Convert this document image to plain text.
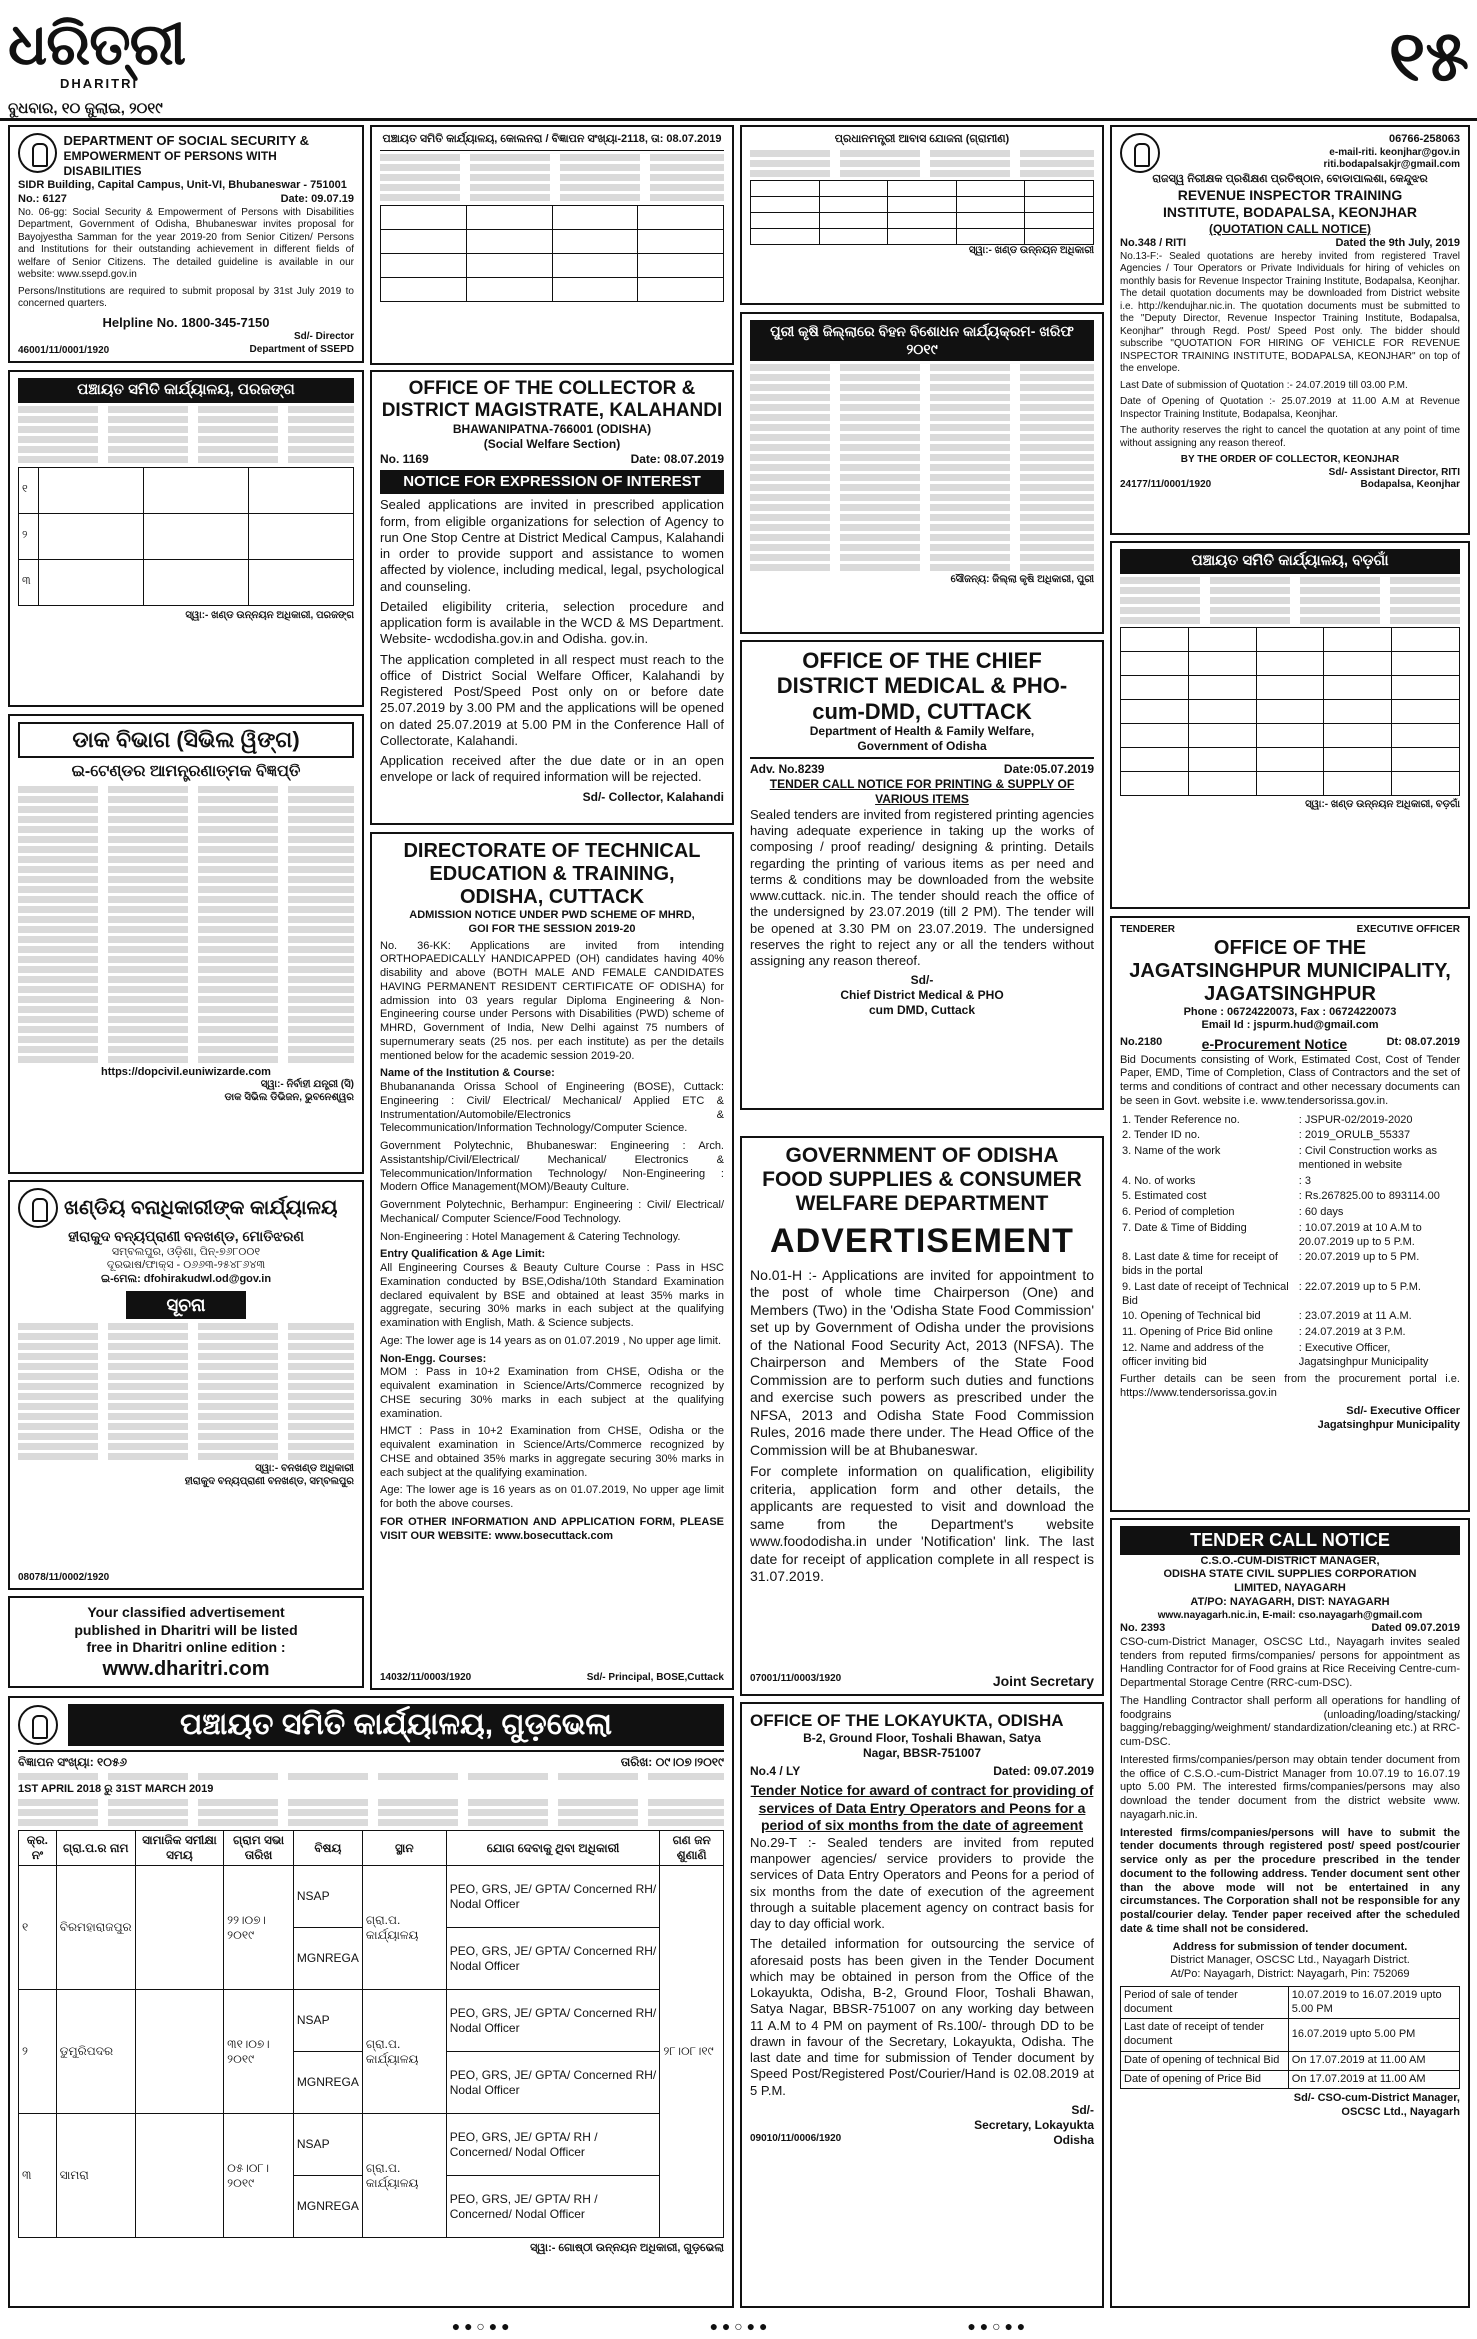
ଧରିତ୍ରୀ
DHARITRI
ବୁଧବାର, ୧୦ ଜୁଲାଇ, ୨୦୧୯
୧୫
DEPARTMENT OF SOCIAL SECURITY &
EMPOWERMENT OF PERSONS WITH DISABILITIES
SIDR Building, Capital Campus, Unit-VI, Bhubaneswar - 751001
No.: 6127	Date: 09.07.19

No. 06-gg: Social Security & Empowerment of Persons with Disabilities Department, Government of Odisha, Bhubaneswar invites proposal for Bayojyestha Samman for the year 2019-20 from Senior Citizen/ Persons and Institutions for their outstanding achievement in different fields of welfare of Senior Citizens. The detailed guideline is available in our website: www.ssepd.gov.in

Persons/Institutions are required to submit proposal by 31st July 2019 to concerned quarters.

Helpline No. 1800-345-7150
Sd/- Director
Department of SSEPD
46001/11/0001/1920
ପଞ୍ଚାୟତ ସମିତି କାର୍ଯ୍ୟାଳୟ, ପରଜଙ୍ଗ
୧			
୨			
୩			
ସ୍ୱା:- ଖଣ୍ଡ ଉନ୍ନୟନ ଅଧିକାରୀ, ପରଜଙ୍ଗ
ଡାକ ବିଭାଗ (ସିଭିଲ ୱିଙ୍ଗ)
ଇ-ଟେଣ୍ଡର ଆମନ୍ତ୍ରଣାତ୍ମକ ବିଜ୍ଞପ୍ତି
https://dopcivil.euniwizarde.com
ସ୍ୱା:- ନିର୍ବାହୀ ଯନ୍ତ୍ରୀ (ସି)
ଡାକ ସିଭିଲ ଡିଭିଜନ, ଭୁବନେଶ୍ୱର
ଖଣ୍ଡିୟ ବନାଧିକାରୀଙ୍କ କାର୍ଯ୍ୟାଳୟ
ହୀରାକୁଦ ବନ୍ୟପ୍ରାଣୀ ବନଖଣ୍ଡ, ମୋତିଝରଣ
ସମ୍ବଲପୁର, ଓଡ଼ିଶା, ପିନ୍-୭୬୮୦୦୧
ଦୂରଭାଷ/ଫାକ୍ସ - ୦୬୬୩-୨୫୪୮୬୪୩
ଇ-ମେଲ: dfohirakudwl.od@gov.in
ସୂଚନା
ସ୍ୱା:- ବନଖଣ୍ଡ ଅଧିକାରୀ
ହୀରାକୁଦ ବନ୍ୟପ୍ରାଣୀ ବନଖଣ୍ଡ, ସମ୍ବଲପୁର
08078/11/0002/1920
Your classified advertisement
published in Dharitri will be listed
free in Dharitri online edition :
www.dharitri.com
ପଞ୍ଚାୟତ ସମିତି କାର୍ଯ୍ୟାଳୟ, କୋଲନରା / ବିଜ୍ଞାପନ ସଂଖ୍ୟା-2118, ତା: 08.07.2019

OFFICE OF THE COLLECTOR &
DISTRICT MAGISTRATE, KALAHANDI
BHAWANIPATNA-766001 (ODISHA)
(Social Welfare Section)
No. 1169	Date: 08.07.2019
NOTICE FOR EXPRESSION OF INTEREST

Sealed applications are invited in prescribed application form, from eligible organizations for selection of Agency to run One Stop Centre at District Medical Campus, Kalahandi in order to provide support and assistance to women affected by violence, including medical, legal, psychological and counseling.

Detailed eligibility criteria, selection procedure and application form is available in the WCD & MS Department. Website- wcdodisha.gov.in and Odisha. gov.in.

The application completed in all respect must reach to the office of District Social Welfare Officer, Kalahandi by Registered Post/Speed Post only on or before date 25.07.2019 by 3.00 PM and the applications will be opened on dated 25.07.2019 at 5.00 PM in the Conference Hall of Collectorate, Kalahandi.

Application received after the due date or in an open envelope or lack of required information will be rejected.

Sd/- Collector, Kalahandi
DIRECTORATE OF TECHNICAL
EDUCATION & TRAINING,
ODISHA, CUTTACK
ADMISSION NOTICE UNDER PWD SCHEME OF MHRD,
GOI FOR THE SESSION 2019-20

No. 36-KK: Applications are invited from intending ORTHOPAEDICALLY HANDICAPPED (OH) candidates having 40% disability and above (BOTH MALE AND FEMALE CANDIDATES HAVING PERMANENT RESIDENT CERTIFICATE OF ODISHA) for admission into 03 years regular Diploma Engineering & Non-Engineering course under Persons with Disabilities (PWD) scheme of MHRD, Government of India, New Delhi against 75 numbers of supernumerary seats (25 nos. per each institute) as per the details mentioned below for the academic session 2019-20.

Name of the Institution & Course:

Bhubanananda Orissa School of Engineering (BOSE), Cuttack: Engineering : Civil/ Electrical/ Mechanical/ Applied ETC & Instrumentation/Automobile/Electronics & Telecommunication/Information Technology/Computer Science.

Government Polytechnic, Bhubaneswar: Engineering : Arch. Assistantship/Civil/Electrical/ Mechanical/ Electronics & Telecommunication/Information Technology/ Non-Engineering : Modern Office Management(MOM)/Beauty Culture.

Government Polytechnic, Berhampur: Engineering : Civil/ Electrical/ Mechanical/ Computer Science/Food Technology.

Non-Engineering : Hotel Management & Catering Technology.

Entry Qualification & Age Limit:

All Engineering Courses & Beauty Culture Course : Pass in HSC Examination conducted by BSE,Odisha/10th Standard Examination declared equivalent by BSE and obtained at least 35% marks in aggregate, securing 30% marks in each subject at the qualifying examination with English, Math. & Science subjects.

Age: The lower age is 14 years as on 01.07.2019 , No upper age limit.

Non-Engg. Courses:

MOM : Pass in 10+2 Examination from CHSE, Odisha or the equivalent examination in Science/Arts/Commerce recognized by CHSE securing 30% marks in each subject at the qualifying examination.

HMCT : Pass in 10+2 Examination from CHSE, Odisha or the equivalent examination in Science/Arts/Commerce recognized by CHSE and obtained 35% marks in aggregate securing 30% marks in each subject at the qualifying examination.

Age: The lower age is 16 years as on 01.07.2019, No upper age limit for both the above courses.

FOR OTHER INFORMATION AND APPLICATION FORM, PLEASE VISIT OUR WEBSITE: www.bosecuttack.com

14032/11/0003/1920	Sd/- Principal, BOSE,Cuttack
ପ୍ରଧାନମନ୍ତ୍ରୀ ଆବାସ ଯୋଜନା (ଗ୍ରାମୀଣ)

ସ୍ୱା:- ଖଣ୍ଡ ଉନ୍ନୟନ ଅଧିକାରୀ
ପୁରୀ କୃଷି ଜିଲ୍ଲାରେ ବିହନ ବିଶୋଧନ କାର୍ଯ୍ୟକ୍ରମ- ଖରିଫ ୨୦୧୯
ସୌଜନ୍ୟ: ଜିଲ୍ଲା କୃଷି ଅଧିକାରୀ, ପୁରୀ
OFFICE OF THE CHIEF
DISTRICT MEDICAL & PHO-
cum-DMD, CUTTACK
Department of Health & Family Welfare,
Government of Odisha
Adv. No.8239	Date:05.07.2019
TENDER CALL NOTICE FOR PRINTING & SUPPLY OF VARIOUS ITEMS

Sealed tenders are invited from registered printing agencies having adequate experience in taking up the works of composing / proof reading/ designing & printing. Details regarding the printing of various items as per need and terms & conditions may be downloaded from the website www.cuttack. nic.in. The tender should reach the office of the undersigned by 23.07.2019 (till 2 PM). The tender will be opened at 3.30 PM on 23.07.2019. The undersigned reserves the right to reject any or all the tenders without assigning any reason thereof.

Sd/-
Chief District Medical & PHO
cum DMD, Cuttack
GOVERNMENT OF ODISHA
FOOD SUPPLIES & CONSUMER
WELFARE DEPARTMENT
ADVERTISEMENT

No.01-H :- Applications are invited for appointment to the post of whole time Chairperson (One) and Members (Two) in the 'Odisha State Food Commission' set up by Government of Odisha under the provisions of the National Food Security Act, 2013 (NFSA). The Chairperson and Members of the State Food Commission are to perform such duties and functions and exercise such powers as prescribed under the NFSA, 2013 and Odisha State Food Commission Rules, 2016 made there under. The Head Office of the Commission will be at Bhubaneswar.

For complete information on qualification, eligibility criteria, application form and other details, the applicants are requested to visit and download the same from the Department's website www.foododisha.in under 'Notification' link. The last date for receipt of application complete in all respect is 31.07.2019.

07001/11/0003/1920	Joint Secretary
06766-258063
e-mail-riti. keonjhar@gov.in
riti.bodapalsakjr@gmail.com
ରାଜସ୍ୱ ନିରୀକ୍ଷକ ପ୍ରଶିକ୍ଷଣ ପ୍ରତିଷ୍ଠାନ, ବୋଡାପାଲଶା, କେନ୍ଦୁଝର
REVENUE INSPECTOR TRAINING
INSTITUTE, BODAPALSA, KEONJHAR
(QUOTATION CALL NOTICE)
No.348 / RITI	Dated the 9th July, 2019

No.13-F:- Sealed quotations are hereby invited from registered Travel Agencies / Tour Operators or Private Individuals for hiring of vehicles on monthly basis for Revenue Inspector Training Institute, Bodapalsa, Keonjhar. The detail quotation documents may be downloaded from District website i.e. http://kendujhar.nic.in. The quotation documents must be submitted to the "Deputy Director, Revenue Inspector Training Institute, Bodapalsa, Keonjhar" through Regd. Post/ Speed Post only. The bidder should subscribe "QUOTATION FOR HIRING OF VEHICLE FOR REVENUE INSPECTOR TRAINING INSTITUTE, BODAPALSA, KEONJHAR" on top of the envelope.

Last Date of submission of Quotation :- 24.07.2019 till 03.00 P.M.

Date of Opening of Quotation :- 25.07.2019 at 11.00 A.M at Revenue Inspector Training Institute, Bodapalsa, Keonjhar.

The authority reserves the right to cancel the quotation at any point of time without assigning any reason thereof.

BY THE ORDER OF COLLECTOR, KEONJHAR
Sd/- Assistant Director, RITI
24177/11/0001/1920	Bodapalsa, Keonjhar
ପଞ୍ଚାୟତ ସମିତି କାର୍ଯ୍ୟାଳୟ, ବଡ଼ଗାଁ

ସ୍ୱା:- ଖଣ୍ଡ ଉନ୍ନୟନ ଅଧିକାରୀ, ବଡ଼ଗାଁ
TENDERER	EXECUTIVE OFFICER
OFFICE OF THE
JAGATSINGHPUR MUNICIPALITY,
JAGATSINGHPUR
Phone : 06724220073, Fax : 06724220073
Email Id : jspurm.hud@gmail.com
No.2180	e-Procurement Notice	Dt: 08.07.2019

Bid Documents consisting of Work, Estimated Cost, Cost of Tender Paper, EMD, Time of Completion, Class of Contractors and the set of terms and conditions of contract and other necessary documents can be seen in Govt. website i.e. www.tendersorissa.gov.in.

1. Tender Reference no.	: JSPUR-02/2019-2020
2. Tender ID no.	: 2019_ORULB_55337
3. Name of the work	: Civil Construction works as mentioned in website
4. No. of works	: 3
5. Estimated cost	: Rs.267825.00 to 893114.00
6. Period of completion	: 60 days
7. Date & Time of Bidding	: 10.07.2019 at 10 A.M to 20.07.2019 up to 5 P.M.
8. Last date & time for receipt of bids in the portal	: 20.07.2019 up to 5 PM.
9. Last date of receipt of Technical Bid	: 22.07.2019 up to 5 P.M.
10. Opening of Technical bid	: 23.07.2019 at 11 A.M.
11. Opening of Price Bid online	: 24.07.2019 at 3 P.M.
12. Name and address of the officer inviting bid	: Executive Officer, Jagatsinghpur Municipality

Further details can be seen from the procurement portal i.e. https://www.tendersorissa.gov.in

Sd/- Executive Officer
Jagatsinghpur Municipality
TENDER CALL NOTICE
C.S.O.-CUM-DISTRICT MANAGER,
ODISHA STATE CIVIL SUPPLIES CORPORATION
LIMITED, NAYAGARH
AT/PO: NAYAGARH, DIST: NAYAGARH
www.nayagarh.nic.in, E-mail: cso.nayagarh@gmail.com
No. 2393	Dated 09.07.2019

CSO-cum-District Manager, OSCSC Ltd., Nayagarh invites sealed tenders from reputed firms/companies/ persons for appointment as Handling Contractor for of Food grains at Rice Receiving Centre-cum-Departmental Storage Centre (RRC-cum-DSC).

The Handling Contractor shall perform all operations for handling of foodgrains (unloading/loading/stacking/ bagging/rebagging/weighment/ standardization/cleaning etc.) at RRC-cum-DSC.

Interested firms/companies/person may obtain tender document from the office of C.S.O.-cum-District Manager from 10.07.19 to 16.07.19 upto 5.00 PM. The interested firms/companies/persons may also download the tender document from the district website www. nayagarh.nic.in.

Interested firms/companies/persons will have to submit the tender documents through registered post/ speed post/courier service only as per the procedure prescribed in the tender document to the following address. Tender document sent other than the above mode will not be entertained in any circumstances. The Corporation shall not be responsible for any postal/courier delay. Tender paper received after the scheduled date & time shall not be considered.

Address for submission of tender document.
District Manager, OSCSC Ltd., Nayagarh District.
At/Po: Nayagarh, District: Nayagarh, Pin: 752069
Period of sale of tender document	10.07.2019 to 16.07.2019 upto 5.00 PM
Last date of receipt of tender document	16.07.2019 upto 5.00 PM
Date of opening of technical Bid	On 17.07.2019 at 11.00 AM
Date of opening of Price Bid	On 17.07.2019 at 11.00 AM
Sd/- CSO-cum-District Manager,
OSCSC Ltd., Nayagarh
ପଞ୍ଚାୟତ ସମିତି କାର୍ଯ୍ୟାଳୟ, ଗୁଡ଼ଭେଲା
ବିଜ୍ଞାପନ ସଂଖ୍ୟା: ୧୦୫୬	ତାରିଖ: ୦୯।୦୭।୨୦୧୯
1ST APRIL 2018 ରୁ 31ST MARCH 2019
କ୍ର. ନଂ	ଗ୍ରା.ପ.ର ନାମ	ସାମାଜିକ ସମୀକ୍ଷା ସମୟ	ଗ୍ରାମ ସଭା ତାରିଖ	ବିଷୟ	ସ୍ଥାନ	ଯୋଗ ଦେବାକୁ ଥିବା ଅଧିକାରୀ	ଗଣ ଜନ ଶୁଣାଣି
୧	ବିରମହାରାଜପୁର		୨୨।୦୭।୨୦୧୯	NSAP	ଗ୍ରା.ପ. କାର୍ଯ୍ୟାଳୟ	PEO, GRS, JE/ GPTA/ Concerned RH/ Nodal Officer	୨୮।୦୮।୧୯
				MGNREGA		PEO, GRS, JE/ GPTA/ Concerned RH/ Nodal Officer	
୨	ଡୁମୁରିପଦର		୩୧।୦୭।୨୦୧୯	NSAP	ଗ୍ରା.ପ. କାର୍ଯ୍ୟାଳୟ	PEO, GRS, JE/ GPTA/ Concerned RH/ Nodal Officer	
				MGNREGA		PEO, GRS, JE/ GPTA/ Concerned RH/ Nodal Officer	
୩	ସାମରା		୦୫।୦୮।୨୦୧୯	NSAP	ଗ୍ରା.ପ. କାର୍ଯ୍ୟାଳୟ	PEO, GRS, JE/ GPTA/ RH / Concerned/ Nodal Officer	
				MGNREGA		PEO, GRS, JE/ GPTA/ RH / Concerned/ Nodal Officer	
ସ୍ୱା:- ଗୋଷ୍ଠୀ ଉନ୍ନୟନ ଅଧିକାରୀ, ଗୁଡ଼ଭେଲା
OFFICE OF THE LOKAYUKTA, ODISHA
B-2, Ground Floor, Toshali Bhawan, Satya
Nagar, BBSR-751007
No.4 / LY	Dated: 09.07.2019
Tender Notice for award of contract for providing of services of Data Entry Operators and Peons for a period of six months from the date of agreement

No.29-T :- Sealed tenders are invited from reputed manpower agencies/ service providers to provide the services of Data Entry Operators and Peons for a period of six months from the date of execution of the agreement through a suitable placement agency on contract basis for day to day official work.

The detailed information for outsourcing the service of aforesaid posts has been given in the Tender Document which may be obtained in person from the Office of the Lokayukta, Odisha, B-2, Ground Floor, Toshali Bhawan, Satya Nagar, BBSR-751007 on any working day between 11 A.M to 4 PM on payment of Rs.100/- through DD to be drawn in favour of the Secretary, Lokayukta, Odisha. The last date and time for submission of Tender document by Speed Post/Registered Post/Courier/Hand is 02.08.2019 at 5 P.M.

Sd/-
Secretary, Lokayukta
09010/11/0006/1920	Odisha
● ● ○ ● ●	● ● ○ ● ●	● ● ○ ● ●
